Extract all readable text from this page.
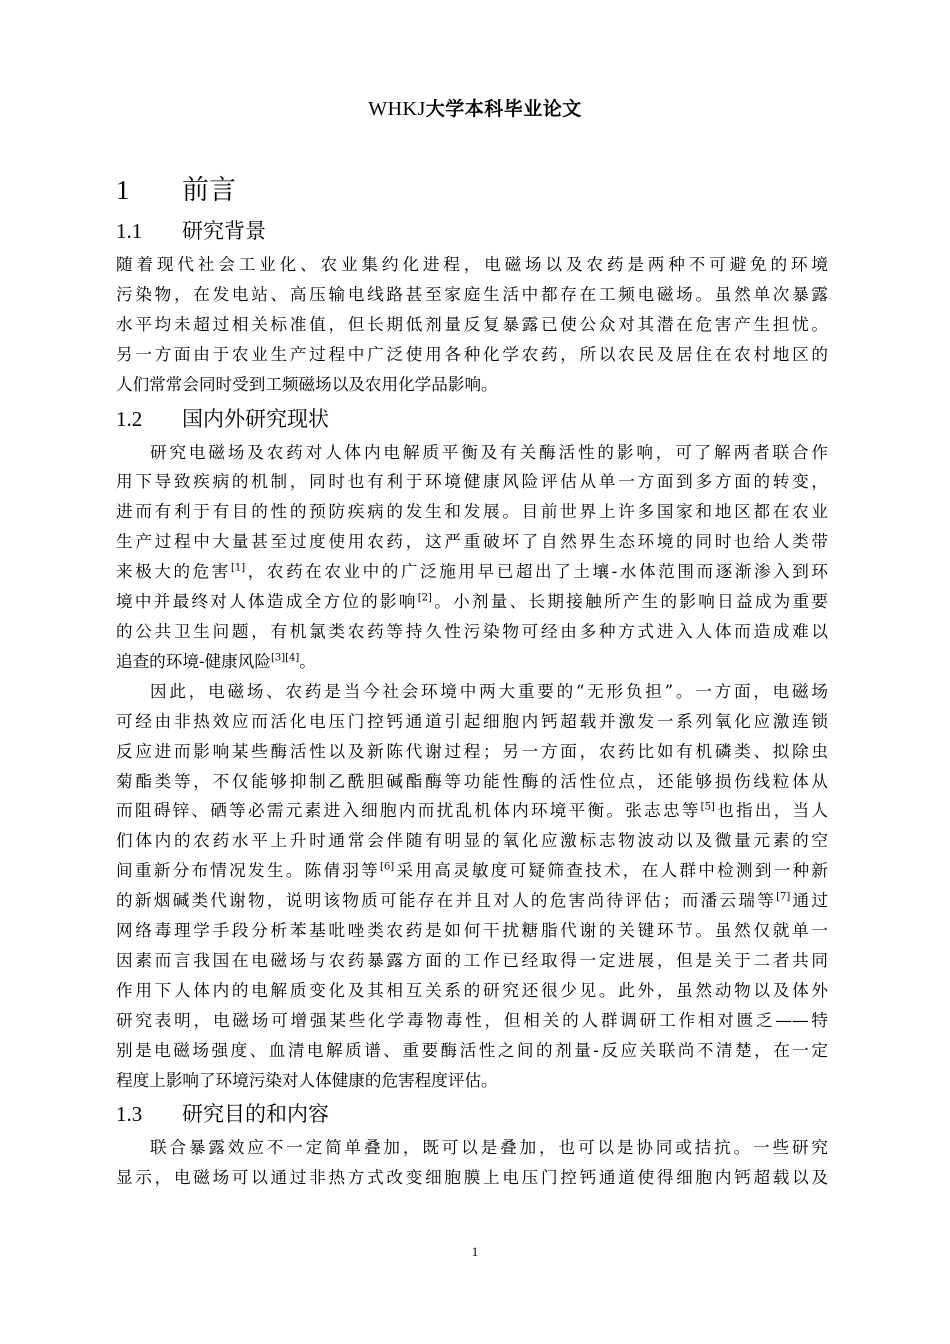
WHKJ大学本科毕业论文
1	前言
1.1	研究背景

随着现代社会工业化、农业集约化进程，电磁场以及农药是两种不可避免的环境
污染物，在发电站、高压输电线路甚至家庭生活中都存在工频电磁场。虽然单次暴露
水平均未超过相关标准值，但长期低剂量反复暴露已使公众对其潜在危害产生担忧。
另一方面由于农业生产过程中广泛使用各种化学农药，所以农民及居住在农村地区的
人们常常会同时受到工频磁场以及农用化学品影响。

1.2	国内外研究现状

研究电磁场及农药对人体内电解质平衡及有关酶活性的影响，可了解两者联合作
用下导致疾病的机制，同时也有利于环境健康风险评估从单一方面到多方面的转变，
进而有利于有目的性的预防疾病的发生和发展。目前世界上许多国家和地区都在农业
生产过程中大量甚至过度使用农药，这严重破坏了自然界生态环境的同时也给人类带
来极大的危害[1]，农药在农业中的广泛施用早已超出了土壤-水体范围而逐渐渗入到环
境中并最终对人体造成全方位的影响[2]。小剂量、长期接触所产生的影响日益成为重要
的公共卫生问题，有机氯类农药等持久性污染物可经由多种方式进入人体而造成难以
追查的环境-健康风险[3][4]。

因此，电磁场、农药是当今社会环境中两大重要的“无形负担”。一方面，电磁场
可经由非热效应而活化电压门控钙通道引起细胞内钙超载并激发一系列氧化应激连锁
反应进而影响某些酶活性以及新陈代谢过程；另一方面，农药比如有机磷类、拟除虫
菊酯类等，不仅能够抑制乙酰胆碱酯酶等功能性酶的活性位点，还能够损伤线粒体从
而阻碍锌、硒等必需元素进入细胞内而扰乱机体内环境平衡。张志忠等[5]也指出，当人
们体内的农药水平上升时通常会伴随有明显的氧化应激标志物波动以及微量元素的空
间重新分布情况发生。陈倩羽等[6]采用高灵敏度可疑筛查技术，在人群中检测到一种新
的新烟碱类代谢物，说明该物质可能存在并且对人的危害尚待评估；而潘云瑞等[7]通过
网络毒理学手段分析苯基吡唑类农药是如何干扰糖脂代谢的关键环节。虽然仅就单一
因素而言我国在电磁场与农药暴露方面的工作已经取得一定进展，但是关于二者共同
作用下人体内的电解质变化及其相互关系的研究还很少见。此外，虽然动物以及体外
研究表明，电磁场可增强某些化学毒物毒性，但相关的人群调研工作相对匮乏——特
别是电磁场强度、血清电解质谱、重要酶活性之间的剂量-反应关联尚不清楚，在一定
程度上影响了环境污染对人体健康的危害程度评估。

1.3	研究目的和内容

联合暴露效应不一定简单叠加，既可以是叠加，也可以是协同或拮抗。一些研究
显示，电磁场可以通过非热方式改变细胞膜上电压门控钙通道使得细胞内钙超载以及

1
